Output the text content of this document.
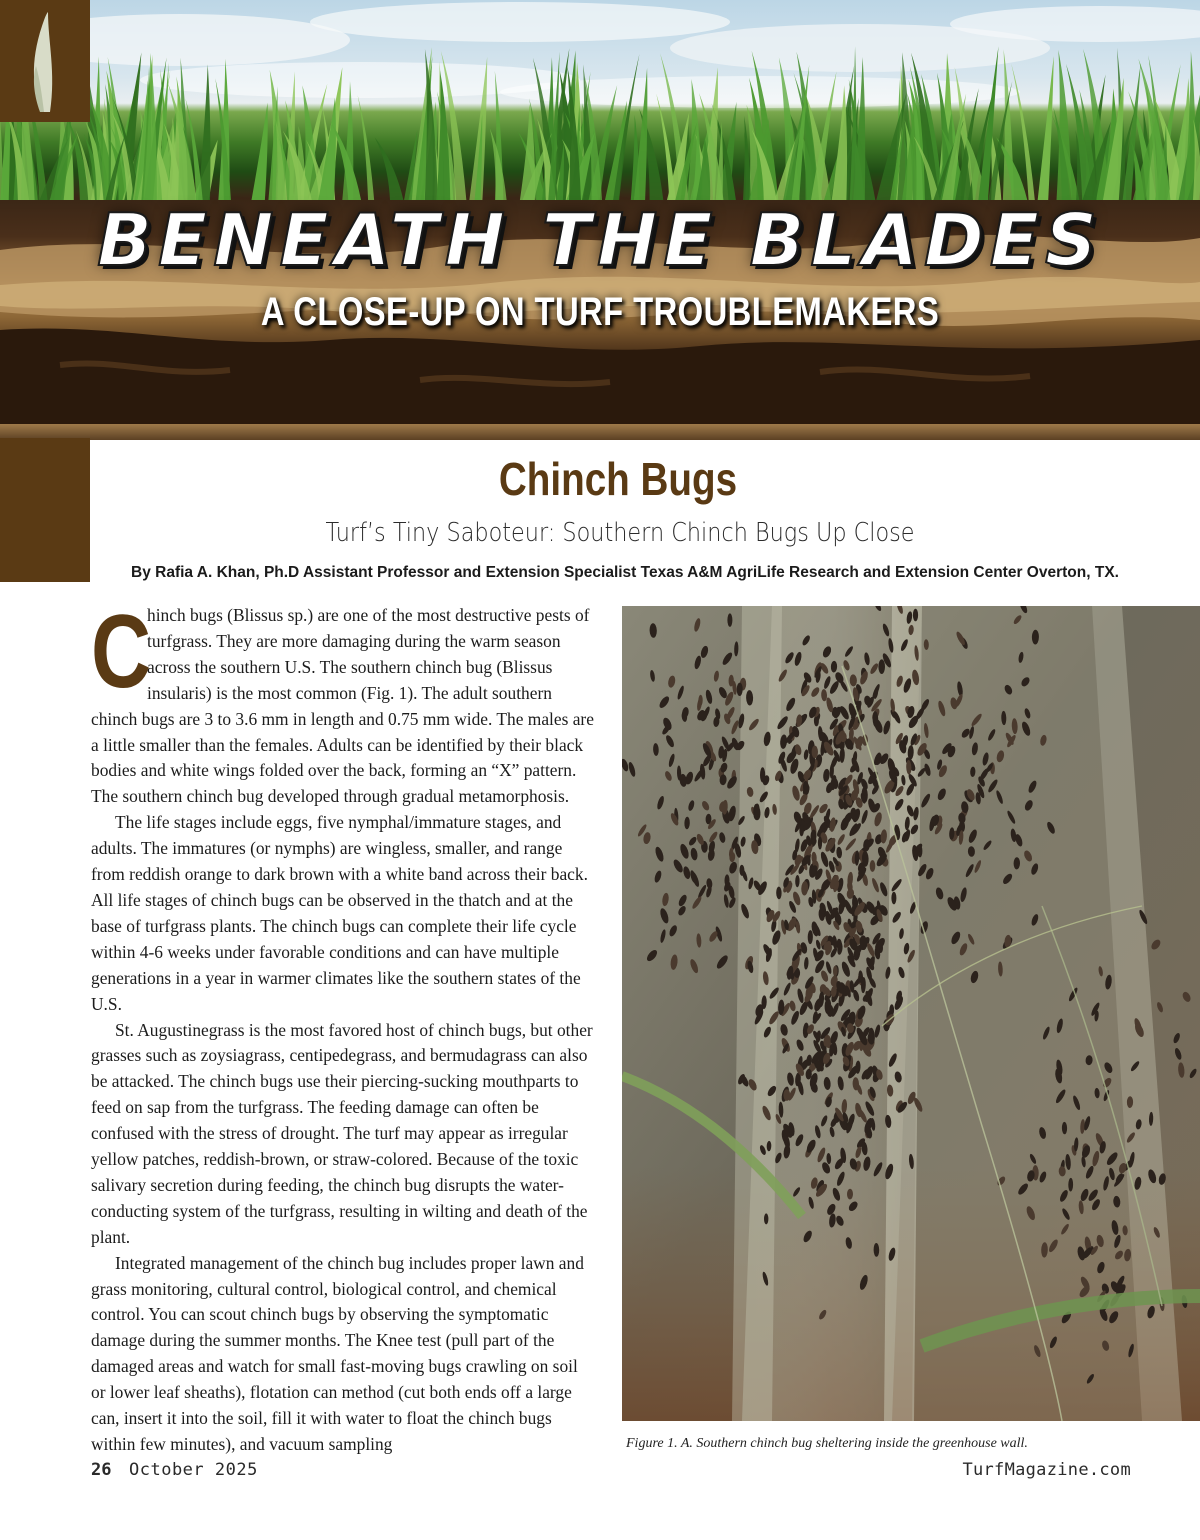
BENEATH THE BLADES
A CLOSE-UP ON TURF TROUBLEMAKERS
Chinch Bugs
Turf’s Tiny Saboteur: Southern Chinch Bugs Up Close

By Rafia A. Khan, Ph.D Assistant Professor and Extension Specialist Texas A&M AgriLife Research and Extension Center Overton, TX.

C
hinch bugs (Blissus sp.) are one of the most destructive pests of turfgrass. They are more damaging during the warm season across the southern U.S. The southern chinch bug (Blissus insularis) is the most common (Fig. 1). The adult southern chinch bugs are 3 to 3.6 mm in length and 0.75 mm wide. The males are a little smaller than the females. Adults can be identified by their black bodies and white wings folded over the back, forming an “X” pattern. The southern chinch bug developed through gradual metamorphosis.

The life stages include eggs, five nymphal/immature stages, and adults. The immatures (or nymphs) are wingless, smaller, and range from reddish orange to dark brown with a white band across their back. All life stages of chinch bugs can be observed in the thatch and at the base of turfgrass plants. The chinch bugs can complete their life cycle within 4-6 weeks under favorable conditions and can have multiple generations in a year in warmer climates like the southern states of the U.S.

St. Augustinegrass is the most favored host of chinch bugs, but other grasses such as zoysiagrass, centipedegrass, and bermudagrass can also be attacked. The chinch bugs use their piercing-sucking mouthparts to feed on sap from the turfgrass. The feeding damage can often be confused with the stress of drought. The turf may appear as irregular yellow patches, reddish-brown, or straw-colored. Because of the toxic salivary secretion during feeding, the chinch bug disrupts the water-conducting system of the turfgrass, resulting in wilting and death of the plant.

Integrated management of the chinch bug includes proper lawn and grass monitoring, cultural control, biological control, and chemical control. You can scout chinch bugs by observing the symptomatic damage during the summer months. The Knee test (pull part of the damaged areas and watch for small fast-moving bugs crawling on soil or lower leaf sheaths), flotation can method (cut both ends off a large can, insert it into the soil, fill it with water to float the chinch bugs within few minutes), and vacuum sampling	Figure 1. A. Southern chinch bug sheltering inside the greenhouse wall.

26 October 2025	TurfMagazine.com
